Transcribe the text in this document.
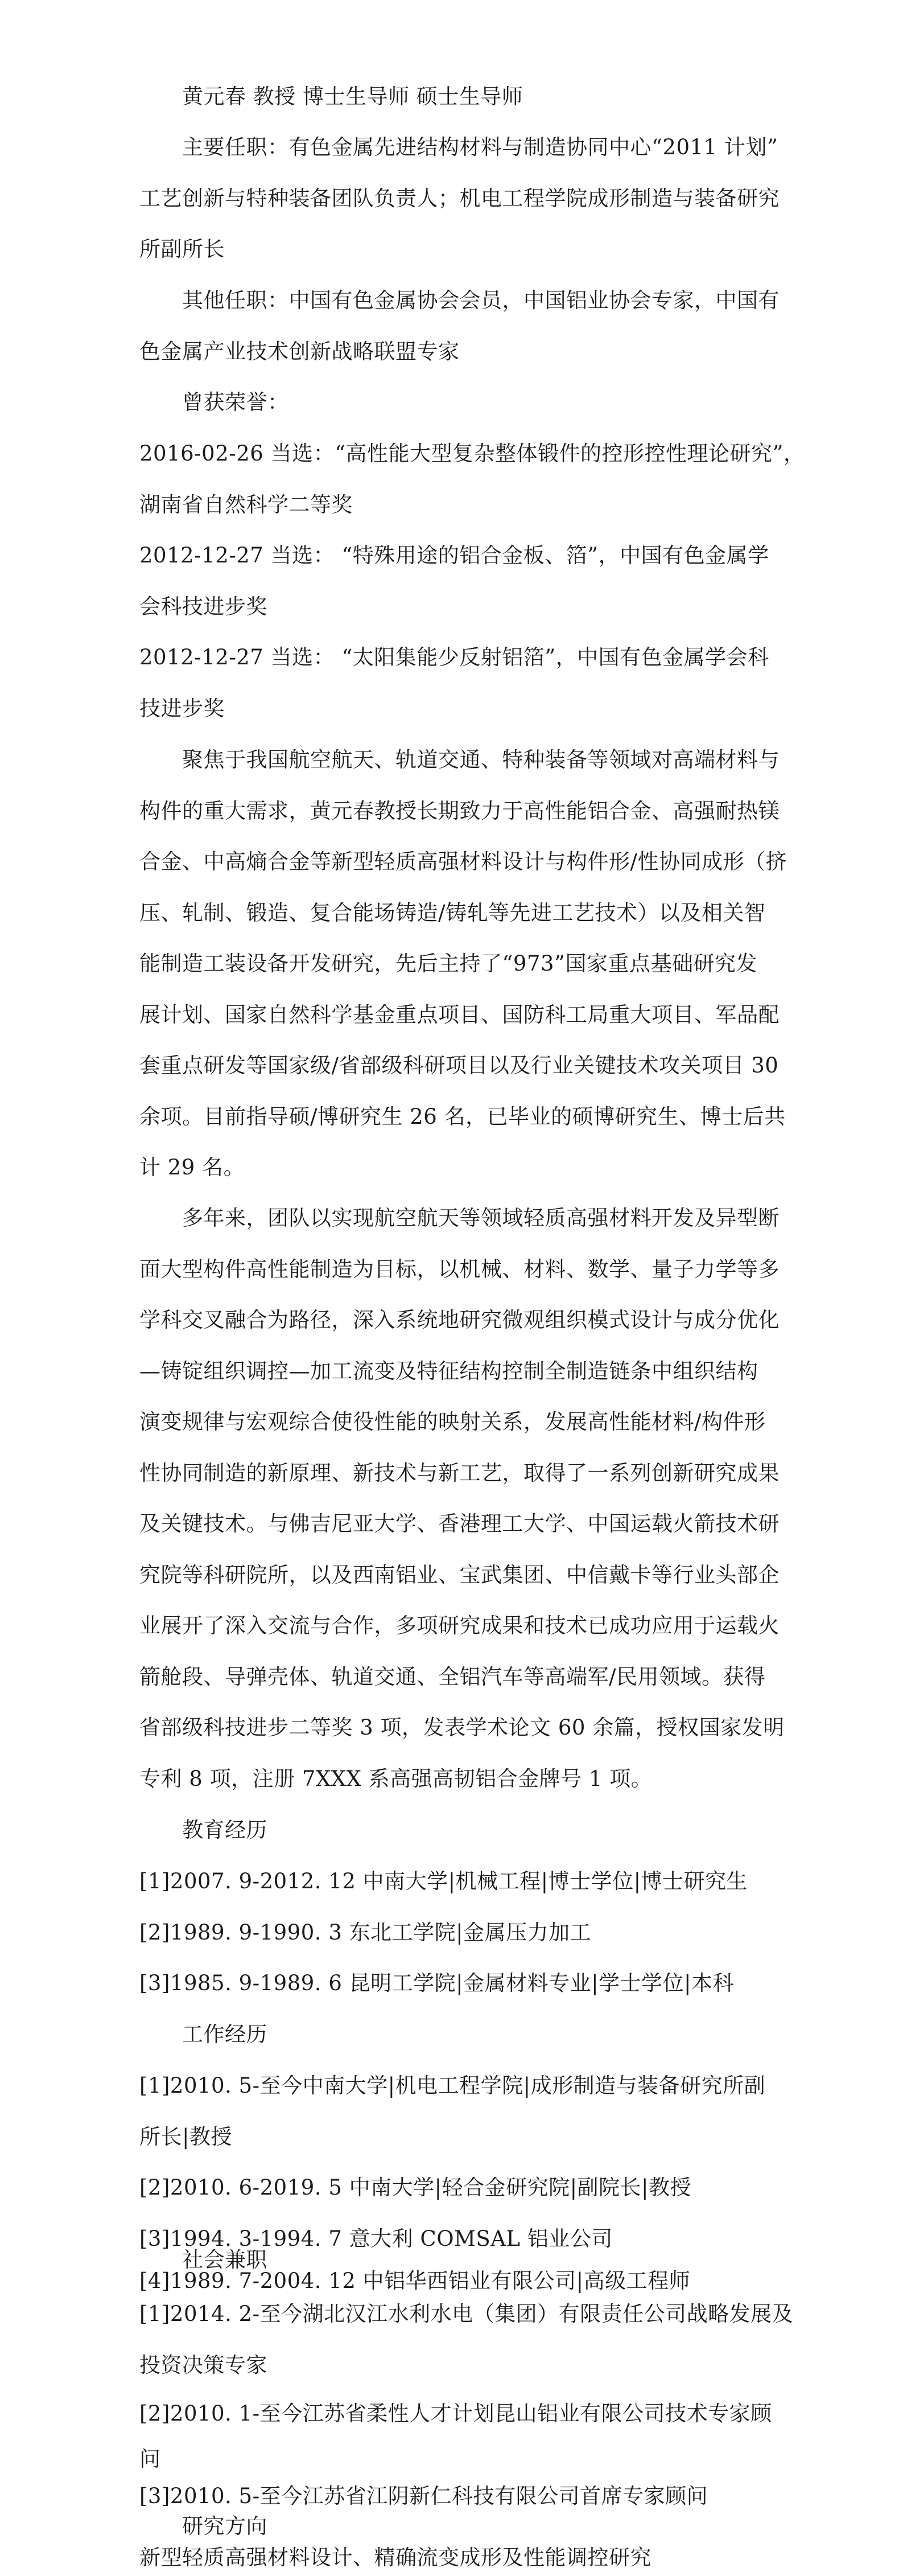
黄元春 教授 博士生导师 硕士生导师
主要任职：有色金属先进结构材料与制造协同中心“2011 计划”
工艺创新与特种装备团队负责人；机电工程学院成形制造与装备研究
所副所长
其他任职：中国有色金属协会会员，中国铝业协会专家，中国有
色金属产业技术创新战略联盟专家
曾获荣誉：
2016-02-26 当选：“高性能大型复杂整体锻件的控形控性理论研究”，
湖南省自然科学二等奖
2012-12-27 当选： “特殊用途的铝合金板、箔”，中国有色金属学
会科技进步奖
2012-12-27 当选： “太阳集能少反射铝箔”，中国有色金属学会科
技进步奖
聚焦于我国航空航天、轨道交通、特种装备等领域对高端材料与
构件的重大需求，黄元春教授长期致力于高性能铝合金、高强耐热镁
合金、中高熵合金等新型轻质高强材料设计与构件形/性协同成形（挤
压、轧制、锻造、复合能场铸造/铸轧等先进工艺技术）以及相关智
能制造工装设备开发研究，先后主持了“973”国家重点基础研究发
展计划、国家自然科学基金重点项目、国防科工局重大项目、军品配
套重点研发等国家级/省部级科研项目以及行业关键技术攻关项目 30
余项。目前指导硕/博研究生 26 名，已毕业的硕博研究生、博士后共
计 29 名。
多年来，团队以实现航空航天等领域轻质高强材料开发及异型断
面大型构件高性能制造为目标，以机械、材料、数学、量子力学等多
学科交叉融合为路径，深入系统地研究微观组织模式设计与成分优化
—铸锭组织调控—加工流变及特征结构控制全制造链条中组织结构
演变规律与宏观综合使役性能的映射关系，发展高性能材料/构件形
性协同制造的新原理、新技术与新工艺，取得了一系列创新研究成果
及关键技术。与佛吉尼亚大学、香港理工大学、中国运载火箭技术研
究院等科研院所，以及西南铝业、宝武集团、中信戴卡等行业头部企
业展开了深入交流与合作，多项研究成果和技术已成功应用于运载火
箭舱段、导弹壳体、轨道交通、全铝汽车等高端军/民用领域。获得
省部级科技进步二等奖 3 项，发表学术论文 60 余篇，授权国家发明
专利 8 项，注册 7XXX 系高强高韧铝合金牌号 1 项。
教育经历
[1]2007. 9-2012. 12 中南大学|机械工程|博士学位|博士研究生
[2]1989. 9-1990. 3 东北工学院|金属压力加工
[3]1985. 9-1989. 6 昆明工学院|金属材料专业|学士学位|本科
工作经历
[1]2010. 5-至今中南大学|机电工程学院|成形制造与装备研究所副
所长|教授
[2]2010. 6-2019. 5 中南大学|轻合金研究院|副院长|教授
[3]1994. 3-1994. 7 意大利 COMSAL 铝业公司
[4]1989. 7-2004. 12 中铝华西铝业有限公司|高级工程师
社会兼职
[1]2014. 2-至今湖北汉江水利水电（集团）有限责任公司战略发展及
投资决策专家
[2]2010. 1-至今江苏省柔性人才计划昆山铝业有限公司技术专家顾
问
[3]2010. 5-至今江苏省江阴新仁科技有限公司首席专家顾问
研究方向
新型轻质高强材料设计、精确流变成形及性能调控研究
